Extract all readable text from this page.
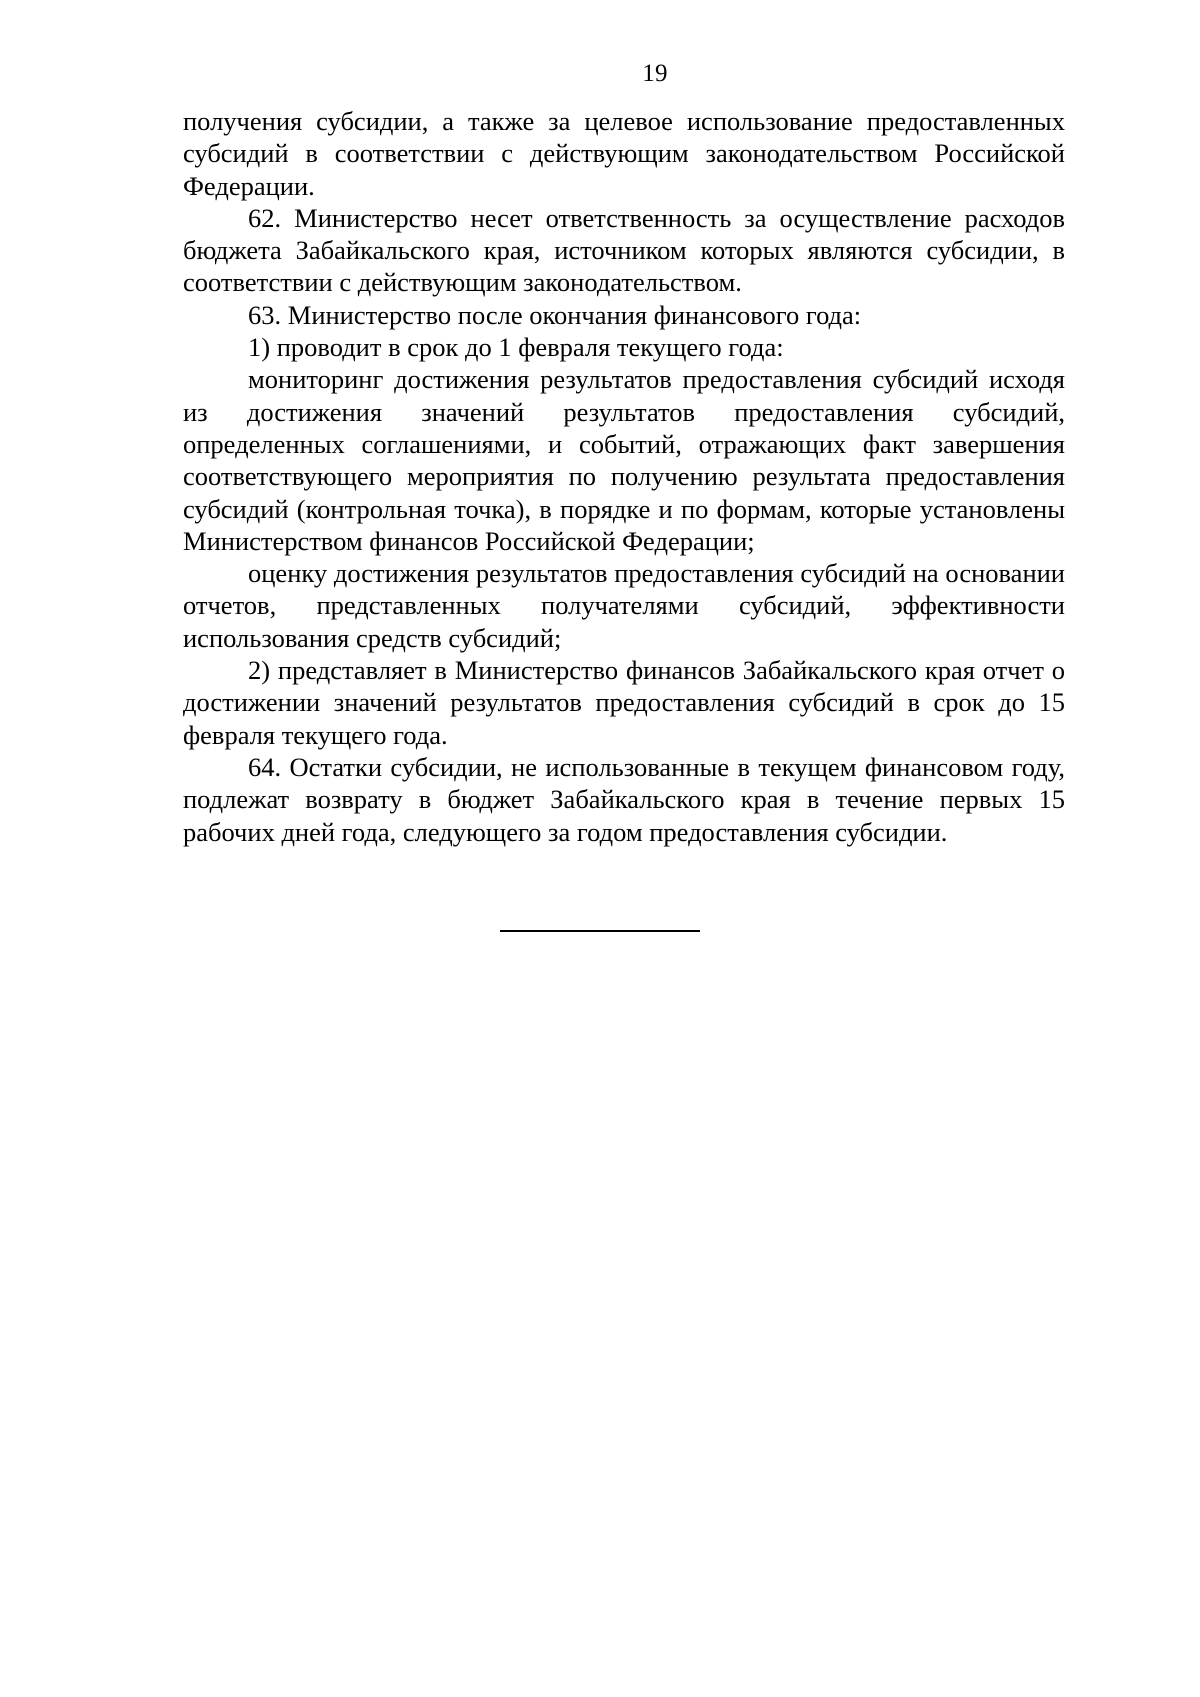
19

получения субсидии, а также за целевое использование предоставленных субсидий в соответствии с действующим законодательством Российской Федерации.

62. Министерство несет ответственность за осуществление расходов бюджета Забайкальского края, источником которых являются субсидии, в соответствии с действующим законодательством.

63. Министерство после окончания финансового года:

1) проводит в срок до 1 февраля текущего года:

мониторинг достижения результатов предоставления субсидий исходя из достижения значений результатов предоставления субсидий, определенных соглашениями, и событий, отражающих факт завершения соответствующего мероприятия по получению результата предоставления субсидий (контрольная точка), в порядке и по формам, которые установлены Министерством финансов Российской Федерации;

оценку достижения результатов предоставления субсидий на основании отчетов, представленных получателями субсидий, эффективности использования средств субсидий;

2) представляет в Министерство финансов Забайкальского края отчет о достижении значений результатов предоставления субсидий в срок до 15 февраля текущего года.

64. Остатки субсидии, не использованные в текущем финансовом году, подлежат возврату в бюджет Забайкальского края в течение первых 15 рабочих дней года, следующего за годом предоставления субсидии.
